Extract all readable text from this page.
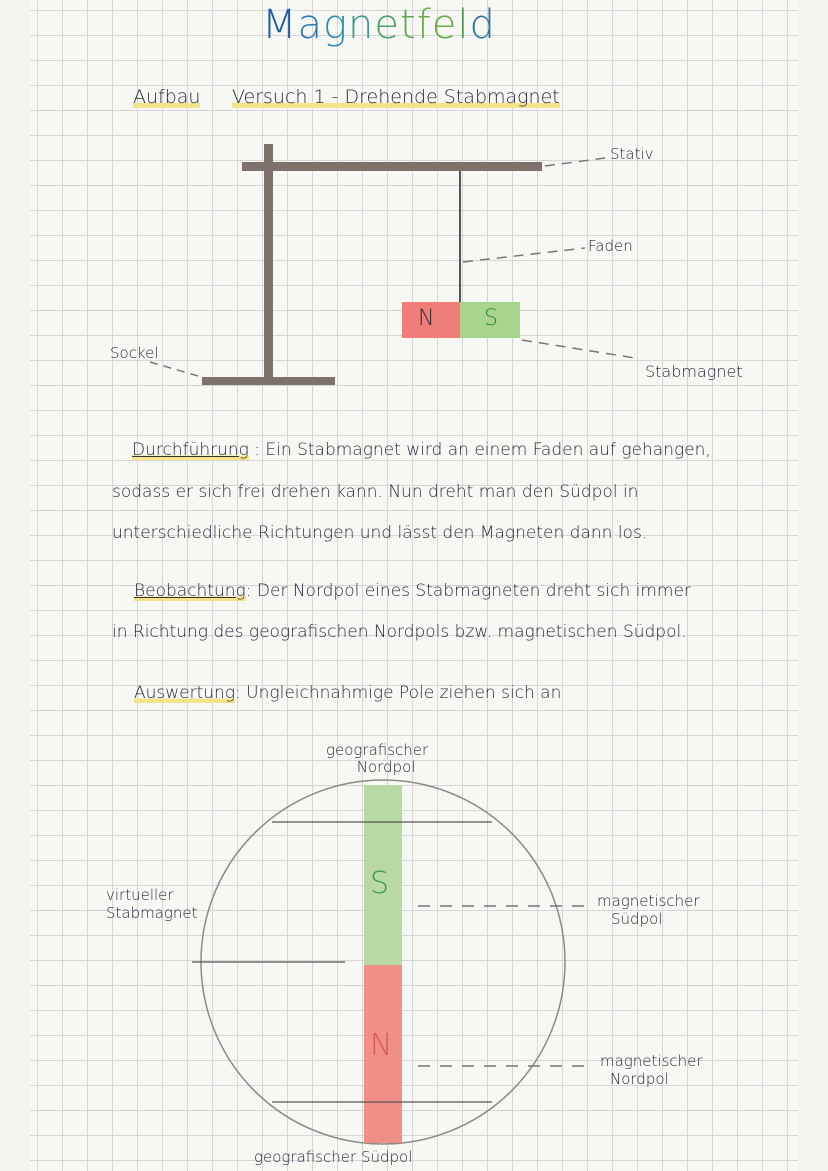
Magnetfeld
Aufbau Versuch 1 - Drehende Stabmagnet
N S
Stativ
Faden
Sockel
Stabmagnet
Durchführung : Ein Stabmagnet wird an einem Faden auf gehangen,
sodass er sich frei drehen kann. Nun dreht man den Südpol in
unterschiedliche Richtungen und lässt den Magneten dann los.
Beobachtung: Der Nordpol eines Stabmagneten dreht sich immer
in Richtung des geografischen Nordpols bzw. magnetischen Südpol.
Auswertung: Ungleichnahmige Pole ziehen sich an
S
N
geografischer
Nordpol
virtueller
Stabmagnet
magnetischer
Südpol
magnetischer
Nordpol
geografischer Südpol
